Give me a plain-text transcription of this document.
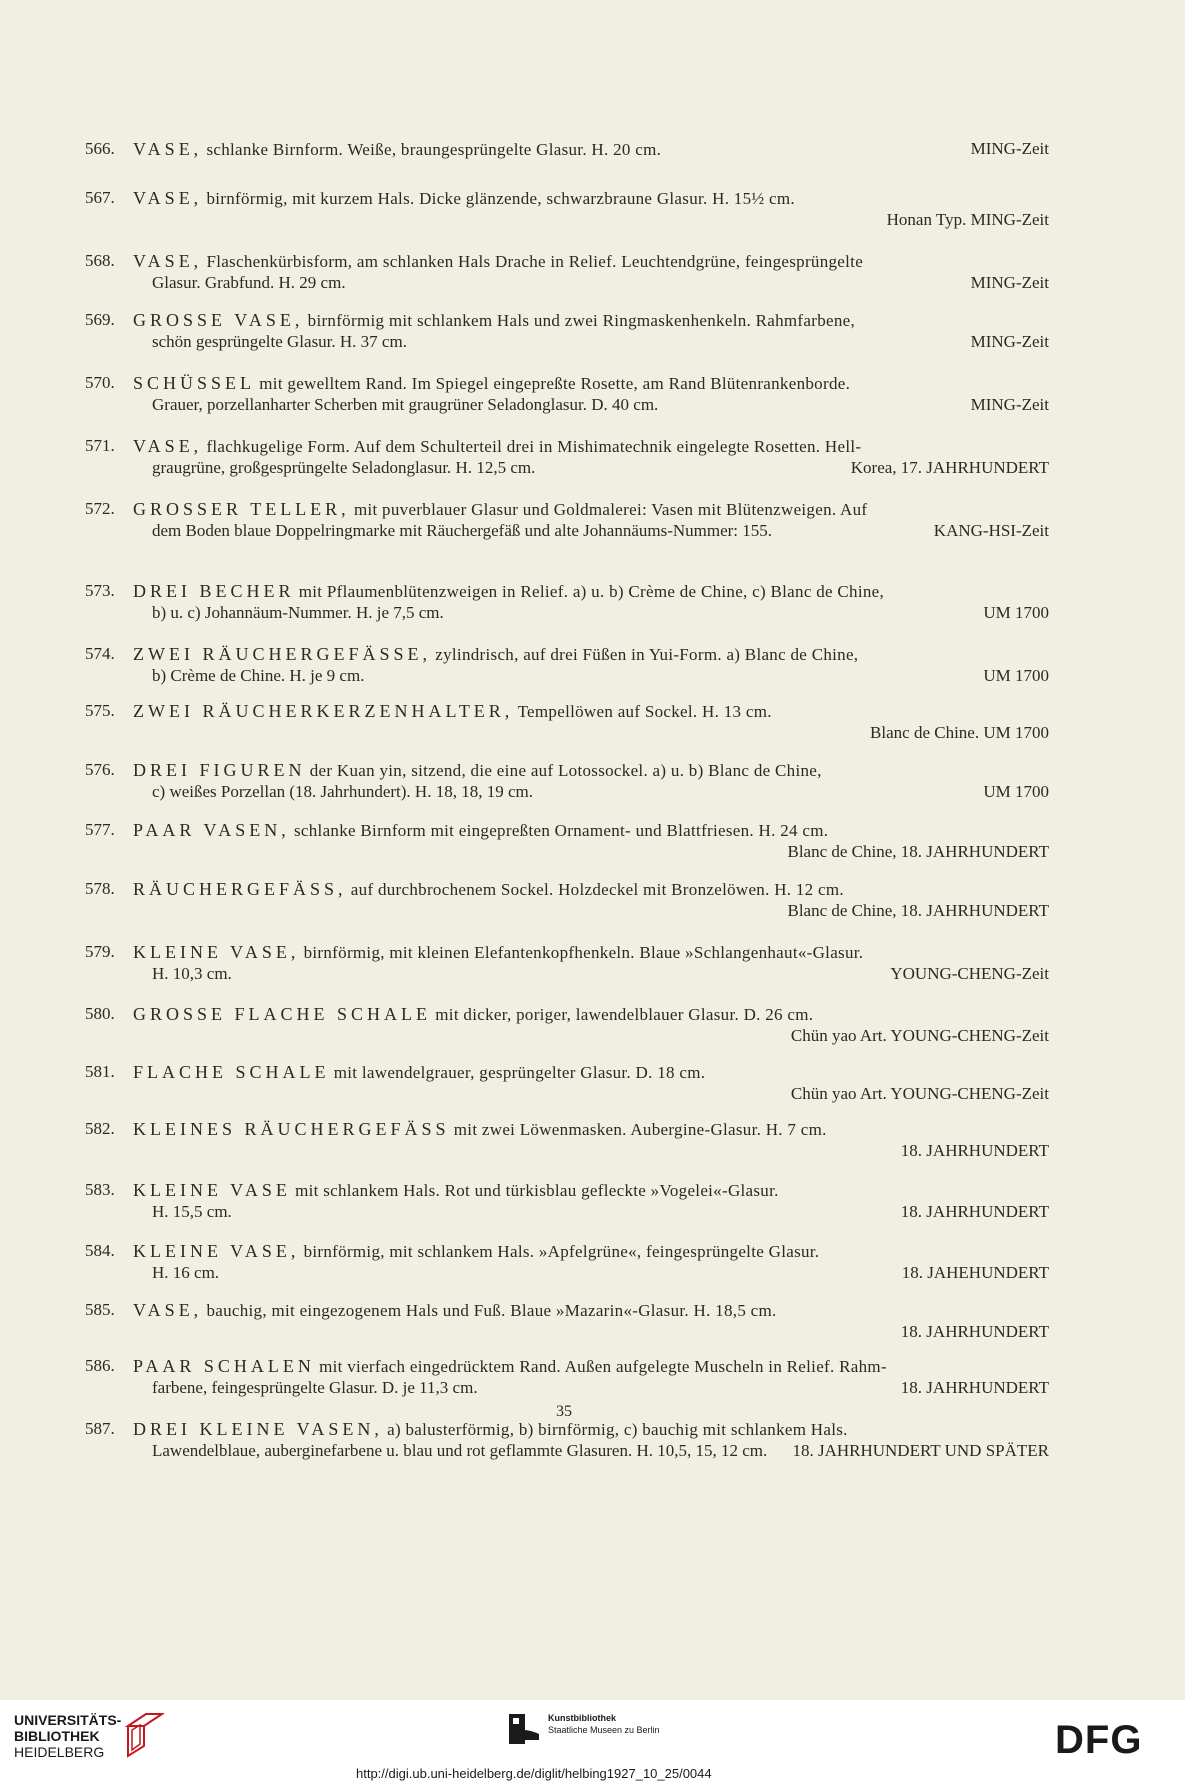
566.	VASE, schlanke Birnform. Weiße, braungesprüngelte Glasur. H. 20 cm.	MING-Zeit
567.	VASE, birnförmig, mit kurzem Hals. Dicke glänzende, schwarzbraune Glasur. H. 15½ cm.
Honan Typ. MING-Zeit
568.	VASE, Flaschenkürbisform, am schlanken Hals Drache in Relief. Leuchtendgrüne, feingesprüngelte
Glasur. Grabfund. H. 29 cm.	MING-Zeit
569.	GROSSE VASE, birnförmig mit schlankem Hals und zwei Ringmaskenhenkeln. Rahmfarbene,
schön gesprüngelte Glasur. H. 37 cm.	MING-Zeit
570.	SCHÜSSEL mit gewelltem Rand. Im Spiegel eingepreßte Rosette, am Rand Blütenrankenborde.
Grauer, porzellanharter Scherben mit graugrüner Seladonglasur. D. 40 cm.	MING-Zeit
571.	VASE, flachkugelige Form. Auf dem Schulterteil drei in Mishimatechnik eingelegte Rosetten. Hell-
graugrüne, großgesprüngelte Seladonglasur. H. 12,5 cm.	Korea, 17. JAHRHUNDERT
572.	GROSSER TELLER, mit puverblauer Glasur und Goldmalerei: Vasen mit Blütenzweigen. Auf
dem Boden blaue Doppelringmarke mit Räuchergefäß und alte Johannäums-Nummer: 155.	KANG-HSI-Zeit
573.	DREI BECHER mit Pflaumenblütenzweigen in Relief. a) u. b) Crème de Chine, c) Blanc de Chine,
b) u. c) Johannäum-Nummer. H. je 7,5 cm.	UM 1700
574.	ZWEI RÄUCHERGEFÄSSE, zylindrisch, auf drei Füßen in Yui-Form. a) Blanc de Chine,
b) Crème de Chine. H. je 9 cm.	UM 1700
575.	ZWEI RÄUCHERKERZENHALTER, Tempellöwen auf Sockel. H. 13 cm.
Blanc de Chine. UM 1700
576.	DREI FIGUREN der Kuan yin, sitzend, die eine auf Lotossockel. a) u. b) Blanc de Chine,
c) weißes Porzellan (18. Jahrhundert). H. 18, 18, 19 cm.	UM 1700
577.	PAAR VASEN, schlanke Birnform mit eingepreßten Ornament- und Blattfriesen. H. 24 cm.
Blanc de Chine, 18. JAHRHUNDERT
578.	RÄUCHERGEFÄSS, auf durchbrochenem Sockel. Holzdeckel mit Bronzelöwen. H. 12 cm.
Blanc de Chine, 18. JAHRHUNDERT
579.	KLEINE VASE, birnförmig, mit kleinen Elefantenkopfhenkeln. Blaue »Schlangenhaut«-Glasur.
H. 10,3 cm.	YOUNG-CHENG-Zeit
580.	GROSSE FLACHE SCHALE mit dicker, poriger, lawendelblauer Glasur. D. 26 cm.
Chün yao Art. YOUNG-CHENG-Zeit
581.	FLACHE SCHALE mit lawendelgrauer, gesprüngelter Glasur. D. 18 cm.
Chün yao Art. YOUNG-CHENG-Zeit
582.	KLEINES RÄUCHERGEFÄSS mit zwei Löwenmasken. Aubergine-Glasur. H. 7 cm.
18. JAHRHUNDERT
583.	KLEINE VASE mit schlankem Hals. Rot und türkisblau gefleckte »Vogelei«-Glasur.
H. 15,5 cm.	18. JAHRHUNDERT
584.	KLEINE VASE, birnförmig, mit schlankem Hals. »Apfelgrüne«, feingesprüngelte Glasur.
H. 16 cm.	18. JAHEHUNDERT
585.	VASE, bauchig, mit eingezogenem Hals und Fuß. Blaue »Mazarin«-Glasur. H. 18,5 cm.
18. JAHRHUNDERT
586.	PAAR SCHALEN mit vierfach eingedrücktem Rand. Außen aufgelegte Muscheln in Relief. Rahm-
farbene, feingesprüngelte Glasur. D. je 11,3 cm.	18. JAHRHUNDERT
587.	DREI KLEINE VASEN, a) balusterförmig, b) birnförmig, c) bauchig mit schlankem Hals.
Lawendelblaue, auberginefarbene u. blau und rot geflammte Glasuren. H. 10,5, 15, 12 cm. 18. JAHRHUNDERT UND SPÄTER
35
UNIVERSITÄTS-
BIBLIOTHEK
HEIDELBERG
Kunstbibliothek
Staatliche Museen zu Berlin	DFG
http://digi.ub.uni-heidelberg.de/diglit/helbing1927_10_25/0044
